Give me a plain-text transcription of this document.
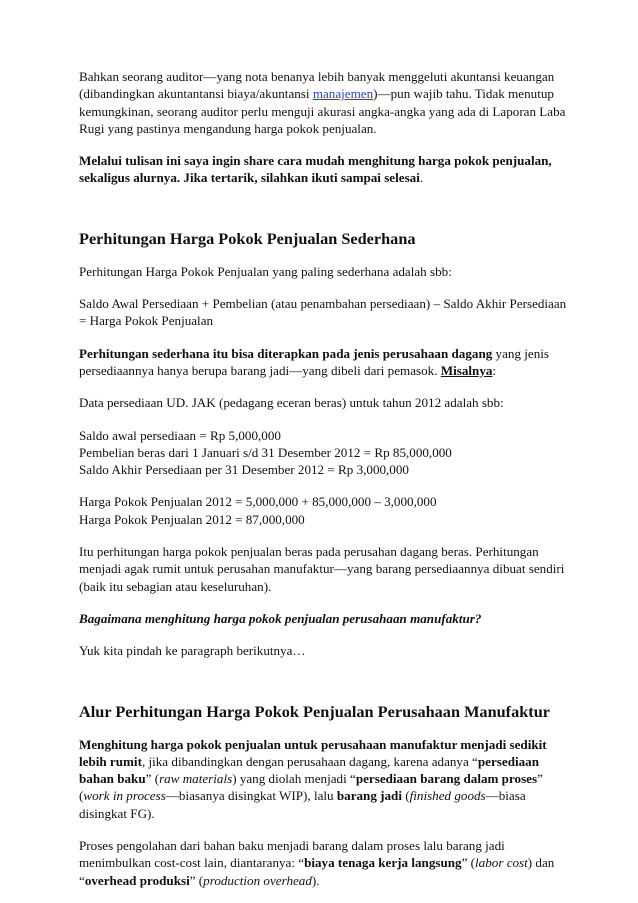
Bahkan seorang auditor—yang nota benanya lebih banyak menggeluti akuntansi keuangan (dibandingkan akuntantansi biaya/akuntansi manajemen)—pun wajib tahu. Tidak menutup kemungkinan, seorang auditor perlu menguji akurasi angka-angka yang ada di Laporan Laba Rugi yang pastinya mengandung harga pokok penjualan.

Melalui tulisan ini saya ingin share cara mudah menghitung harga pokok penjualan, sekaligus alurnya. Jika tertarik, silahkan ikuti sampai selesai.

Perhitungan Harga Pokok Penjualan Sederhana

Perhitungan Harga Pokok Penjualan yang paling sederhana adalah sbb:

Saldo Awal Persediaan + Pembelian (atau penambahan persediaan) – Saldo Akhir Persediaan
= Harga Pokok Penjualan

Perhitungan sederhana itu bisa diterapkan pada jenis perusahaan dagang yang jenis persediaannya hanya berupa barang jadi—yang dibeli dari pemasok. Misalnya:

Data persediaan UD. JAK (pedagang eceran beras) untuk tahun 2012 adalah sbb:

Saldo awal persediaan = Rp 5,000,000
Pembelian beras dari 1 Januari s/d 31 Desember 2012 = Rp 85,000,000
Saldo Akhir Persediaan per 31 Desember 2012 = Rp 3,000,000

Harga Pokok Penjualan 2012 = 5,000,000 + 85,000,000 – 3,000,000
Harga Pokok Penjualan 2012 = 87,000,000

Itu perhitungan harga pokok penjualan beras pada perusahan dagang beras. Perhitungan menjadi agak rumit untuk perusahan manufaktur—yang barang persediaannya dibuat sendiri (baik itu sebagian atau keseluruhan).

Bagaimana menghitung harga pokok penjualan perusahaan manufaktur?

Yuk kita pindah ke paragraph berikutnya…

Alur Perhitungan Harga Pokok Penjualan Perusahaan Manufaktur

Menghitung harga pokok penjualan untuk perusahaan manufaktur menjadi sedikit lebih rumit, jika dibandingkan dengan perusahaan dagang, karena adanya “persediaan bahan baku” (raw materials) yang diolah menjadi “persediaan barang dalam proses” (work in process—biasanya disingkat WIP), lalu barang jadi (finished goods—biasa disingkat FG).

Proses pengolahan dari bahan baku menjadi barang dalam proses lalu barang jadi menimbulkan cost-cost lain, diantaranya: “biaya tenaga kerja langsung” (labor cost) dan “overhead produksi” (production overhead).
